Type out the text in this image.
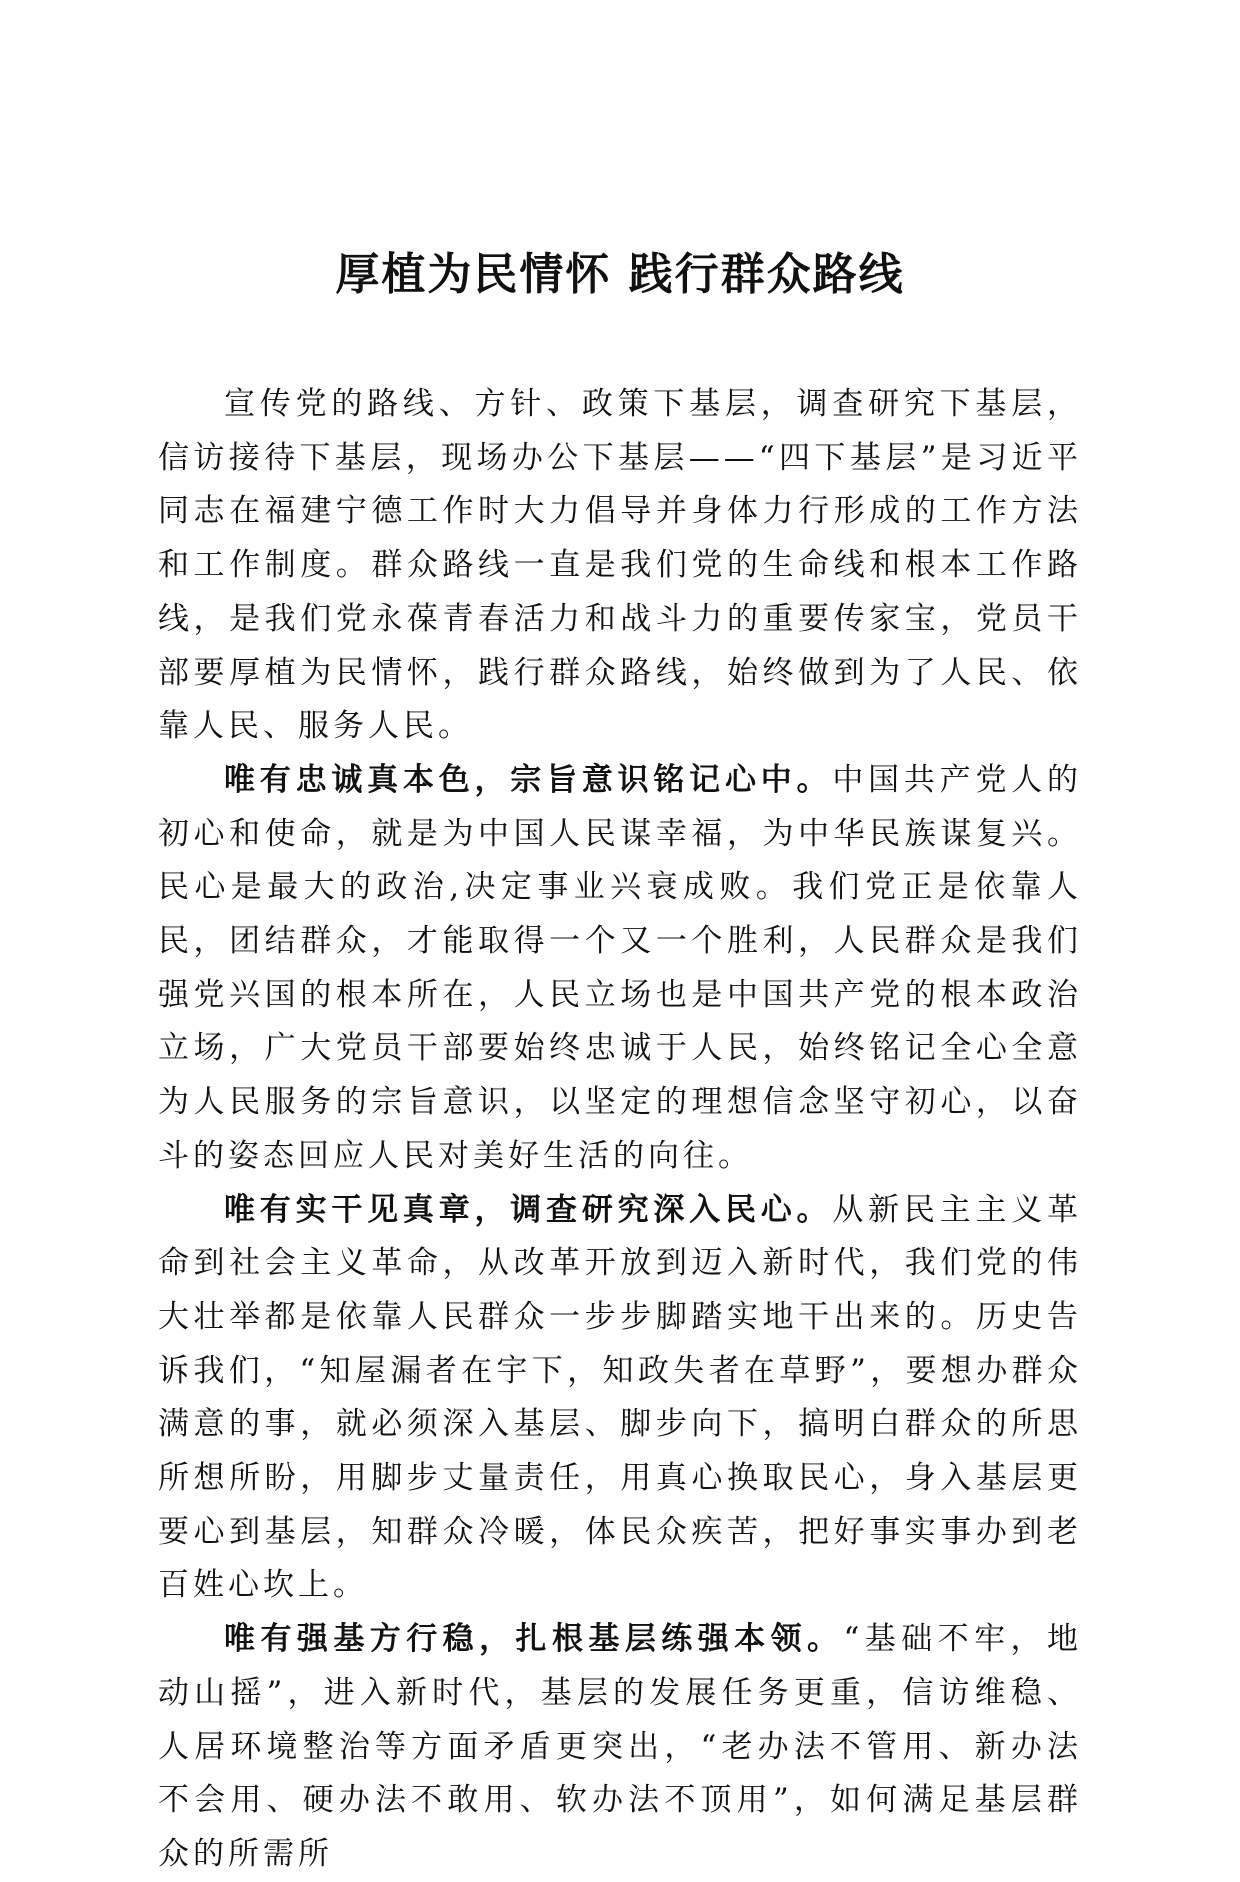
厚植为民情怀 践行群众路线

宣传党的路线、方针、政策下基层，调查研究下基层，信访接待下基层，现场办公下基层——“四下基层”是习近平同志在福建宁德工作时大力倡导并身体力行形成的工作方法和工作制度。群众路线一直是我们党的生命线和根本工作路线，是我们党永葆青春活力和战斗力的重要传家宝，党员干部要厚植为民情怀，践行群众路线，始终做到为了人民、依靠人民、服务人民。

唯有忠诚真本色，宗旨意识铭记心中。中国共产党人的初心和使命，就是为中国人民谋幸福，为中华民族谋复兴。民心是最大的政治,决定事业兴衰成败。我们党正是依靠人民，团结群众，才能取得一个又一个胜利，人民群众是我们强党兴国的根本所在，人民立场也是中国共产党的根本政治立场，广大党员干部要始终忠诚于人民，始终铭记全心全意为人民服务的宗旨意识，以坚定的理想信念坚守初心，以奋斗的姿态回应人民对美好生活的向往。

唯有实干见真章，调查研究深入民心。从新民主主义革命到社会主义革命，从改革开放到迈入新时代，我们党的伟大壮举都是依靠人民群众一步步脚踏实地干出来的。历史告诉我们，“知屋漏者在宇下，知政失者在草野”，要想办群众满意的事，就必须深入基层、脚步向下，搞明白群众的所思所想所盼，用脚步丈量责任，用真心换取民心，身入基层更要心到基层，知群众冷暖，体民众疾苦，把好事实事办到老百姓心坎上。

唯有强基方行稳，扎根基层练强本领。“基础不牢，地动山摇”，进入新时代，基层的发展任务更重，信访维稳、人居环境整治等方面矛盾更突出，“老办法不管用、新办法不会用、硬办法不敢用、软办法不顶用”，如何满足基层群众的所需所
